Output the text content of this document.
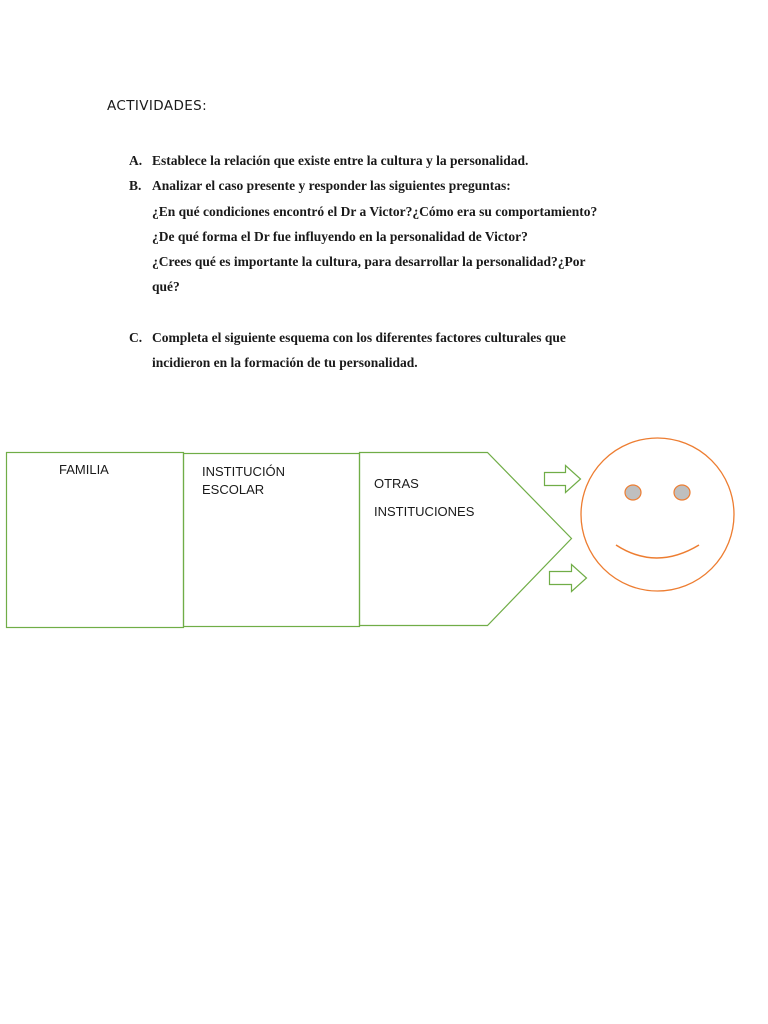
ACTIVIDADES:
A. Establece la relación que existe entre la cultura y la personalidad.
B. Analizar el caso presente y responder las siguientes preguntas:
¿En qué condiciones encontró el Dr a Victor?¿Cómo era su comportamiento?
¿De qué forma el Dr fue influyendo en la personalidad de Victor?
¿Crees qué es importante la cultura, para desarrollar la personalidad?¿Por
qué?
C. Completa el siguiente esquema con los diferentes factores culturales que
incidieron en la formación de tu personalidad.
FAMILIA	INSTITUCIÓN
ESCOLAR	OTRAS
INSTITUCIONES
